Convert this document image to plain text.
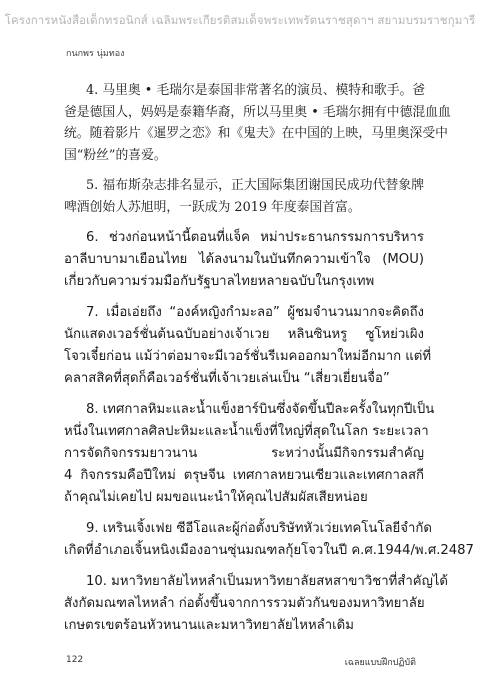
โครงการหนังสือเด็กทรอนิกส์ เฉลิมพระเกียรติสมเด็จพระเทพรัตนราชสุดาฯ สยามบรมราชกุมารี
กนกพร นุ่มทอง
4. 马里奥 • 毛瑞尔是泰国非常著名的演员、模特和歌手。爸
爸是德国人，妈妈是泰籍华裔，所以马里奥 • 毛瑞尔拥有中德混血血
统。随着影片《暹罗之恋》和《鬼夫》在中国的上映，马里奥深受中
国“粉丝”的喜爱。
5. 福布斯杂志排名显示，正大国际集团谢国民成功代替象牌
啤酒创始人苏旭明，一跃成为 2019 年度泰国首富。
6. ช่วงก่อนหน้านี้ตอนที่แจ็ค หม่าประธานกรรมการบริหาร
อาลีบาบามาเยือนไทย ได้ลงนามในบันทึกความเข้าใจ (MOU)
เกี่ยวกับความร่วมมือกับรัฐบาลไทยหลายฉบับในกรุงเทพ
7. เมื่อเอ่ยถึง “องค์หญิงกำมะลอ” ผู้ชมจำนวนมากจะคิดถึง
นักแสดงเวอร์ชั่นต้นฉบับอย่างเจ้าเวย หลินซินหรู ซูโหย่วเผิง
โจวเจี๋ยก่อน แม้ว่าต่อมาจะมีเวอร์ชั่นรีเมคออกมาใหม่อีกมาก แต่ที่
คลาสสิคที่สุดก็คือเวอร์ชั่นที่เจ้าเวยเล่นเป็น “เสี่ยวเยี่ยนจื่อ”
8. เทศกาลหิมะและน้ำแข็งฮาร์บินซึ่งจัดขึ้นปีละครั้งในทุกปีเป็น
หนึ่งในเทศกาลศิลปะหิมะและน้ำแข็งที่ใหญ่ที่สุดในโลก ระยะเวลา
การจัดกิจกรรมยาวนาน ระหว่างนั้นมีกิจกรรมสำคัญ
4 กิจกรรมคือปีใหม่ ตรุษจีน เทศกาลหยวนเซียวและเทศกาลสกี
ถ้าคุณไม่เคยไป ผมขอแนะนำให้คุณไปสัมผัสเสียหน่อย
9. เหรินเจิ้งเฟย ซีอีโอและผู้ก่อตั้งบริษัทหัวเว่ยเทคโนโลยีจำกัด
เกิดที่อำเภอเจิ้นหนิงเมืองอานซุ่นมณฑลกุ้ยโจวในปี ค.ศ.1944/พ.ศ.2487
10. มหาวิทยาลัยไหหลำเป็นมหาวิทยาลัยสหสาขาวิชาที่สำคัญได้
สังกัดมณฑลไหหลำ ก่อตั้งขึ้นจากการรวมตัวกันของมหาวิทยาลัย
เกษตรเขตร้อนหัวหนานและมหาวิทยาลัยไหหลำเดิม
122	เฉลยแบบฝึกปฏิบัติ
